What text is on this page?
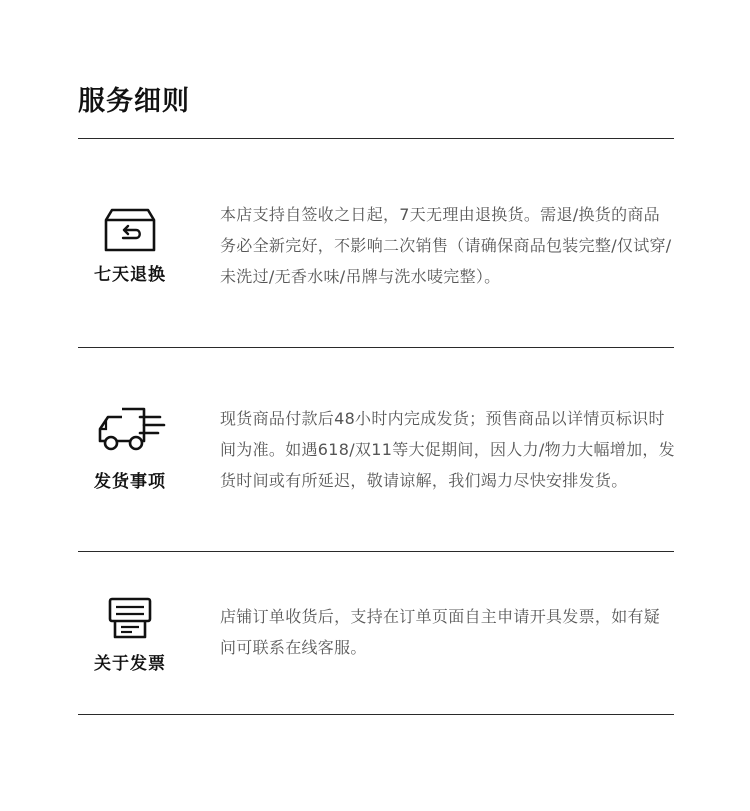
服务细则
七天退换
本店支持自签收之日起，7天无理由退换货。需退/换货的商品务必全新完好，不影响二次销售（请确保商品包装完整/仅试穿/未洗过/无香水味/吊牌与洗水唛完整）。
发货事项
现货商品付款后48小时内完成发货；预售商品以详情页标识时间为准。如遇618/双11等大促期间，因人力/物力大幅增加，发货时间或有所延迟，敬请谅解，我们竭力尽快安排发货。
关于发票
店铺订单收货后，支持在订单页面自主申请开具发票，如有疑问可联系在线客服。
